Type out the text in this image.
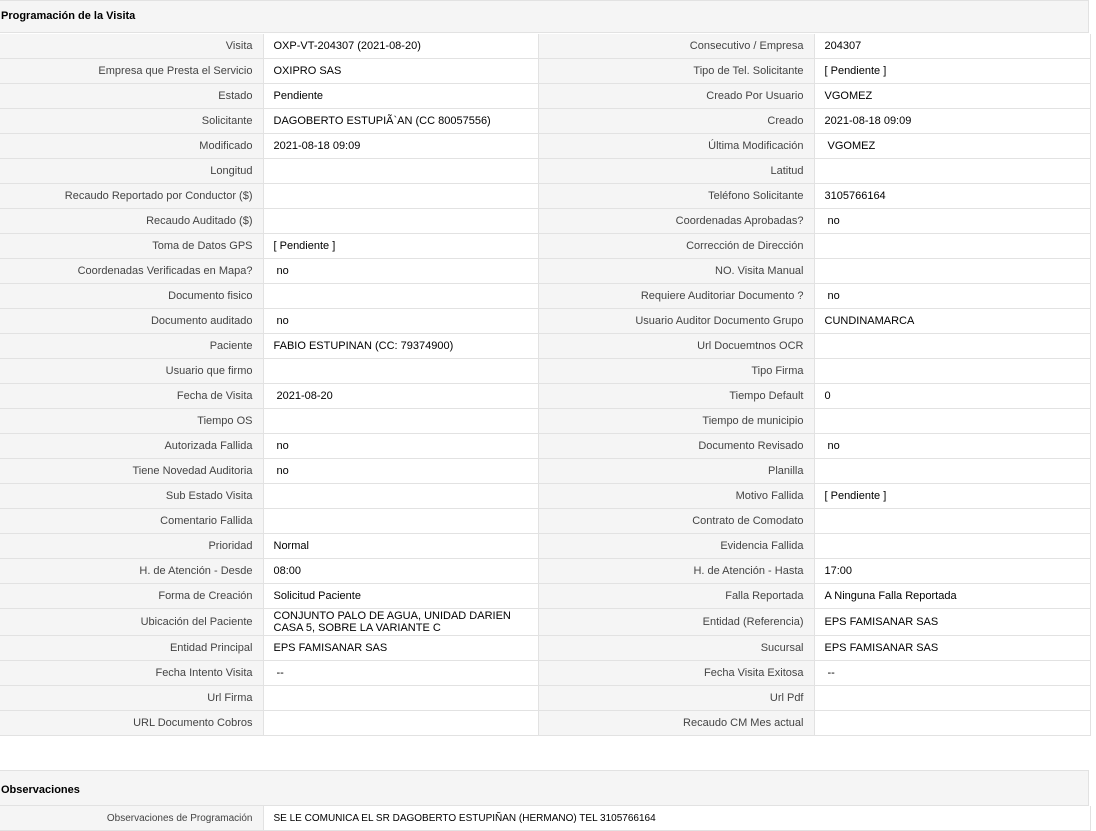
Programación de la Visita
Visita	OXP-VT-204307 (2021-08-20)	Consecutivo / Empresa	204307
Empresa que Presta el Servicio	OXIPRO SAS	Tipo de Tel. Solicitante	[ Pendiente ]
Estado	Pendiente	Creado Por Usuario	VGOMEZ
Solicitante	DAGOBERTO ESTUPIÃ`AN (CC 80057556)	Creado	2021-08-18 09:09
Modificado	2021-08-18 09:09	Última Modificación	VGOMEZ
Longitud		Latitud	
Recaudo Reportado por Conductor ($)		Teléfono Solicitante	3105766164
Recaudo Auditado ($)		Coordenadas Aprobadas?	no
Toma de Datos GPS	[ Pendiente ]	Corrección de Dirección	
Coordenadas Verificadas en Mapa?	no	NO. Visita Manual	
Documento fisico		Requiere Auditoriar Documento ?	no
Documento auditado	no	Usuario Auditor Documento Grupo	CUNDINAMARCA
Paciente	FABIO ESTUPINAN (CC: 79374900)	Url Docuemtnos OCR	
Usuario que firmo		Tipo Firma	
Fecha de Visita	2021-08-20	Tiempo Default	0
Tiempo OS		Tiempo de municipio	
Autorizada Fallida	no	Documento Revisado	no
Tiene Novedad Auditoria	no	Planilla	
Sub Estado Visita		Motivo Fallida	[ Pendiente ]
Comentario Fallida		Contrato de Comodato	
Prioridad	Normal	Evidencia Fallida	
H. de Atención - Desde	08:00	H. de Atención - Hasta	17:00
Forma de Creación	Solicitud Paciente	Falla Reportada	A Ninguna Falla Reportada
Ubicación del Paciente	CONJUNTO PALO DE AGUA, UNIDAD DARIEN CASA 5, SOBRE LA VARIANTE C	Entidad (Referencia)	EPS FAMISANAR SAS
Entidad Principal	EPS FAMISANAR SAS	Sucursal	EPS FAMISANAR SAS
Fecha Intento Visita	--	Fecha Visita Exitosa	--
Url Firma		Url Pdf	
URL Documento Cobros		Recaudo CM Mes actual	
Observaciones
Observaciones de Programación	SE LE COMUNICA EL SR DAGOBERTO ESTUPIÑAN (HERMANO) TEL 3105766164
